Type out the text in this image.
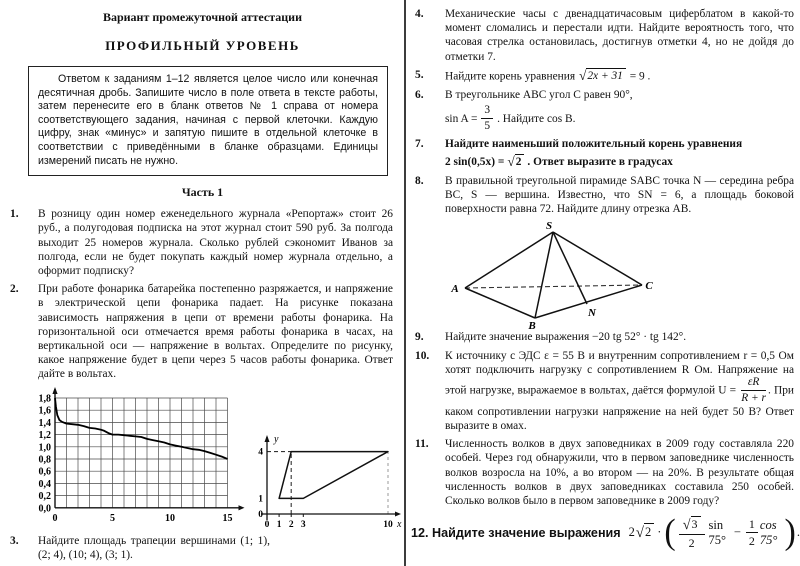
Вариант промежуточной аттестации
ПРОФИЛЬНЫЙ УРОВЕНЬ
Ответом к заданиям 1–12 является целое число или конечная десятичная дробь. Запишите число в поле ответа в тексте работы, затем перенесите его в бланк ответов № 1 справа от номера соответствующего задания, начиная с первой клеточки. Каждую цифру, знак «минус» и запятую пишите в отдельной клеточке в соответствии с приведёнными в бланке образцами. Единицы измерений писать не нужно.
Часть 1
1.	В розницу один номер еженедельного журнала «Репортаж» стоит 26 руб., а полугодовая подписка на этот журнал стоит 590 руб. За полгода выходит 25 номеров журнала. Сколько рублей сэкономит Иванов за полгода, если не будет покупать каждый номер журнала отдельно, а оформит подписку?
2.	При работе фонарика батарейка постепенно разряжается, и напряжение в электрической цепи фонарика падает. На рисунке показана зависимость напряжения в цепи от времени работы фонарика. На горизонтальной оси отмечается время работы фонарика в часах, на вертикальной оси — напряжение в вольтах. Определите по рисунку, какое напряжение будет в цепи через 5 часов работы фонарика. Ответ дайте в вольтах.
1,8
1,6
1,4
1,2
1,0
0,8
0,6
0,4
0,2
0,0
0	5	10	15
0 1 2 3	10
1
4
0
y
x
3.	Найдите площадь трапеции вершинами (1; 1), (2; 4), (10; 4), (3; 1).
4.	Механические часы с двенадцатичасовым циферблатом в какой-то момент сломались и перестали идти. Найдите вероятность того, что часовая стрелка остановилась, достигнув отметки 4, но не дойдя до отметки 7.
5.	Найдите корень уравнения √2x + 31 = 9 .
6.	В треугольнике ABC угол C равен 90°,
$\sin A = \frac{3}{5}$ . Найдите cos B.
7.	Найдите наименьший положительный корень уравнения
2 sin(0,5x) = √2 . Ответ выразите в градусах
8.	В правильной треугольной пирамиде SABC точка N — середина ребра BC, S — вершина. Известно, что SN = 6, а площадь боковой поверхности равна 72. Найдите длину отрезка AB.
S
A
B
C
N
9.	Найдите значение выражения −20 tg 52° · tg 142°.
10.	К источнику с ЭДС ε = 55 В и внутренним сопротивлением r = 0,5 Ом хотят подключить нагрузку с сопротивлением R Ом. Напряжение на этой нагрузке, выражаемое в вольтах, даётся формулой $U = \frac{\varepsilon R}{R + r}$ . При каком сопротивлении нагрузки напряжение на ней будет 50 В? Ответ выразите в омах.
11.	Численность волков в двух заповедниках в 2009 году составляла 220 особей. Через год обнаружили, что в первом заповеднике численность волков возросла на 10%, а во втором — на 20%. В результате общая численность волков в двух заповедниках составила 250 особей. Сколько волков было в первом заповеднике в 2009 году?
12. Найдите значение выражения 2 √2 · ( $\frac{√3}{2}$ sin 75°
− $\frac{1}{2}$ cos 75° ) .
